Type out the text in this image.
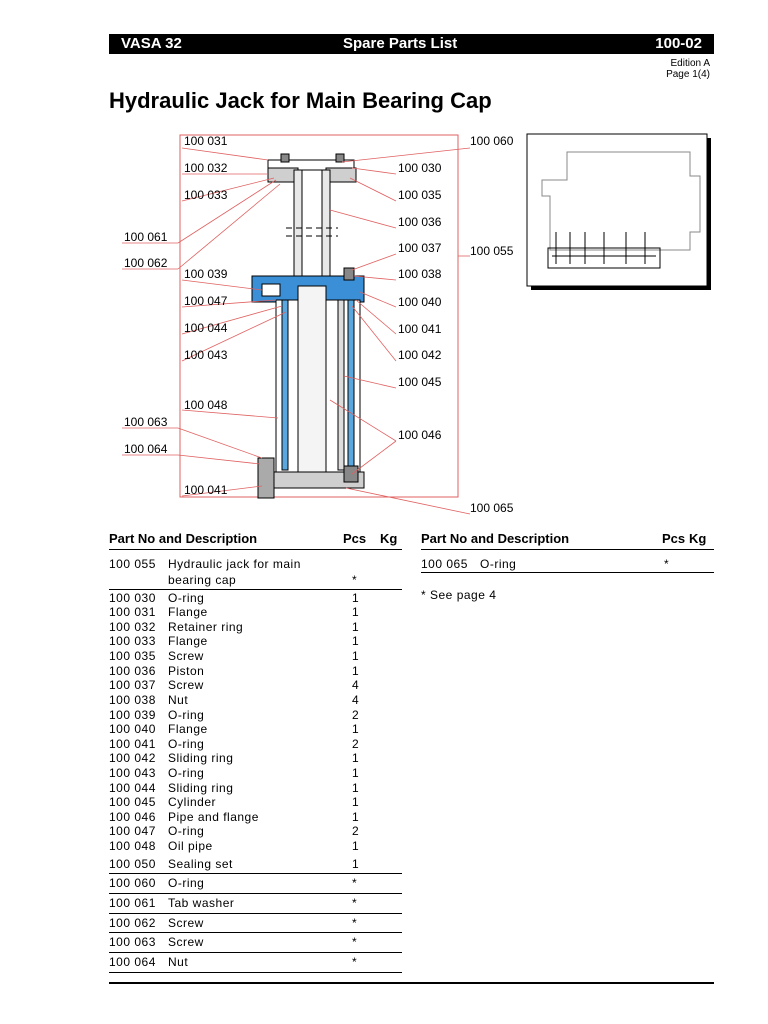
VASA 32	Spare Parts List	100-02
Edition A
Page 1(4)
Hydraulic Jack for Main Bearing Cap
100 031
100 032
100 033
100 061
100 062
100 039
100 047
100 044
100 043
100 048
100 063
100 064
100 041
100 060
100 030
100 035
100 036
100 037 100 055
100 038
100 040
100 041
100 042
100 045
100 046
100 065
Part No and Description	Pcs Kg Part No and Description	Pcs Kg
100 055 Hydraulic jack for main
bearing cap	*
100 030 O-ring	1
100 031 Flange	1
100 032 Retainer ring	1
100 033 Flange	1
100 035 Screw	1
100 036 Piston	1
100 037 Screw	4
100 038 Nut	4
100 039 O-ring	2
100 040 Flange	1
100 041 O-ring	2
100 042 Sliding ring	1
100 043 O-ring	1
100 044 Sliding ring	1
100 045 Cylinder	1
100 046 Pipe and flange	1
100 047 O-ring	2
100 048 Oil pipe	1
100 050 Sealing set	1
100 060 O-ring	*
100 061 Tab washer	*
100 062 Screw	*
100 063 Screw	*
100 064 Nut	*
100 065 O-ring	*
* See page 4
